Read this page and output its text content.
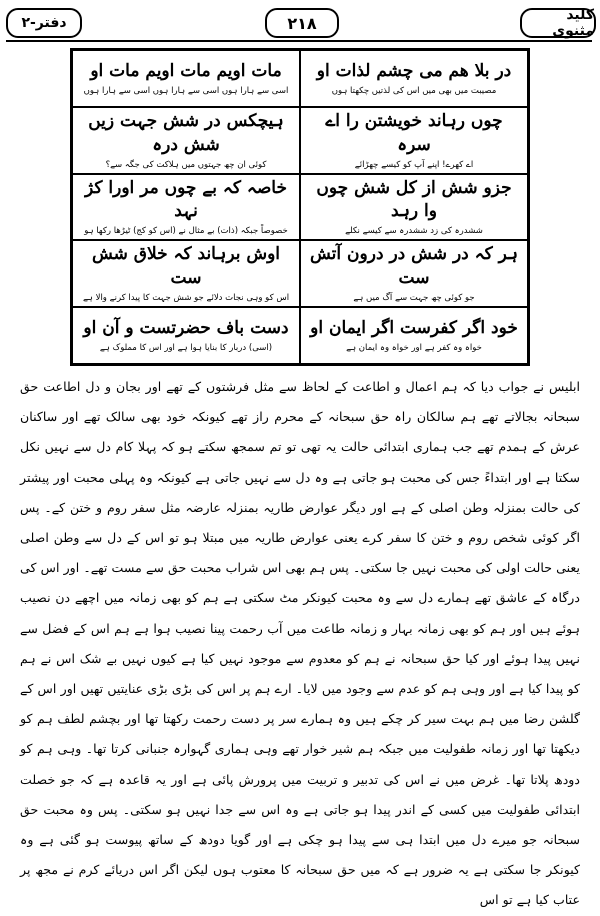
کلید مثنوی
۲۱۸
دفتر-۲
مات اویم مات اویم مات او
اسی سے ہارا ہوں اسی سے ہارا ہوں اسی سے ہارا ہوں
در بلا هم می چشم لذات او
مصیبت میں بھی میں اس کی لذتیں چکھتا ہوں
ہیچکس در شش جہت زیں شش درہ
کوئی ان چھ جہتوں میں ہلاکت کی جگہ سے؟
چوں رہاند خویشتن را اے سرہ
اے کھرے! اپنے آپ کو کیسے چھڑائے
خاصہ کہ بے چوں مر اورا کژ نہد
خصوصاً جبکہ (ذات) بے مثال نے (اس کو کج) ٹیڑھا رکھا ہو
جزو شش از کل شش چوں وا رہد
ششدرہ کی زد ششدرہ سے کیسے نکلے
اوش برہاند کہ خلاق شش ست
اس کو وہی نجات دلائے جو شش جہت کا پیدا کرنے والا ہے
ہر کہ در شش در درون آتش ست
جو کوئی چھ جہت سے آگ میں ہے
دست باف حضرتست و آن او
(اسی) دربار کا بنایا ہوا ہے اور اس کا مملوک ہے
خود اگر کفرست اگر ایمان او
خواہ وہ کفر ہے اور خواہ وہ ایمان ہے

ابلیس نے جواب دیا کہ ہم اعمال و اطاعت کے لحاظ سے مثل فرشتوں کے تھے اور بجان و دل اطاعت حق سبحانہ بجالاتے تھے ہم سالکان راہ حق سبحانہ کے محرم راز تھے کیونکہ خود بھی سالک تھے اور ساکنان عرش کے ہمدم تھے جب ہماری ابتدائی حالت یہ تھی تو تم سمجھ سکتے ہو کہ پہلا کام دل سے نہیں نکل سکتا ہے اور ابتداءً جس کی محبت ہو جاتی ہے وہ دل سے نہیں جاتی ہے کیونکہ وہ پہلی محبت اور پیشتر کی حالت بمنزلہ وطن اصلی کے ہے اور دیگر عوارض طاریہ بمنزلہ عارضہ مثل سفر روم و ختن کے۔ پس اگر کوئی شخص روم و ختن کا سفر کرے یعنی عوارض طاریہ میں مبتلا ہو تو اس کے دل سے وطن اصلی یعنی حالت اولی کی محبت نہیں جا سکتی۔ پس ہم بھی اس شراب محبت حق سے مست تھے۔ اور اس کی درگاہ کے عاشق تھے ہمارے دل سے وہ محبت کیونکر مٹ سکتی ہے ہم کو بھی زمانہ میں اچھے دن نصیب ہوئے ہیں اور ہم کو بھی زمانہ بہار و زمانہ طاعت میں آب رحمت پینا نصیب ہوا ہے ہم اس کے فضل سے نہیں پیدا ہوئے اور کیا حق سبحانہ نے ہم کو معدوم سے موجود نہیں کیا ہے کیوں نہیں بے شک اس نے ہم کو پیدا کیا ہے اور وہی ہم کو عدم سے وجود میں لایا۔ ارے ہم پر اس کی بڑی بڑی عنایتیں تھیں اور اس کے گلشن رضا میں ہم بہت سیر کر چکے ہیں وہ ہمارے سر پر دست رحمت رکھتا تھا اور بچشم لطف ہم کو دیکھتا تھا اور زمانہ طفولیت میں جبکہ ہم شیر خوار تھے وہی ہماری گہوارہ جنبانی کرتا تھا۔ وہی ہم کو دودھ پلاتا تھا۔ غرض میں نے اس کی تدبیر و تربیت میں پرورش پائی ہے اور یہ قاعدہ ہے کہ جو خصلت ابتدائی طفولیت میں کسی کے اندر پیدا ہو جاتی ہے وہ اس سے جدا نہیں ہو سکتی۔ پس وہ محبت حق سبحانہ جو میرے دل میں ابتدا ہی سے پیدا ہو چکی ہے اور گویا دودھ کے ساتھ پیوست ہو گئی ہے وہ کیونکر جا سکتی ہے یہ ضرور ہے کہ میں حق سبحانہ کا معتوب ہوں لیکن اگر اس دریائے کرم نے مجھ پر عتاب کیا ہے تو اس
